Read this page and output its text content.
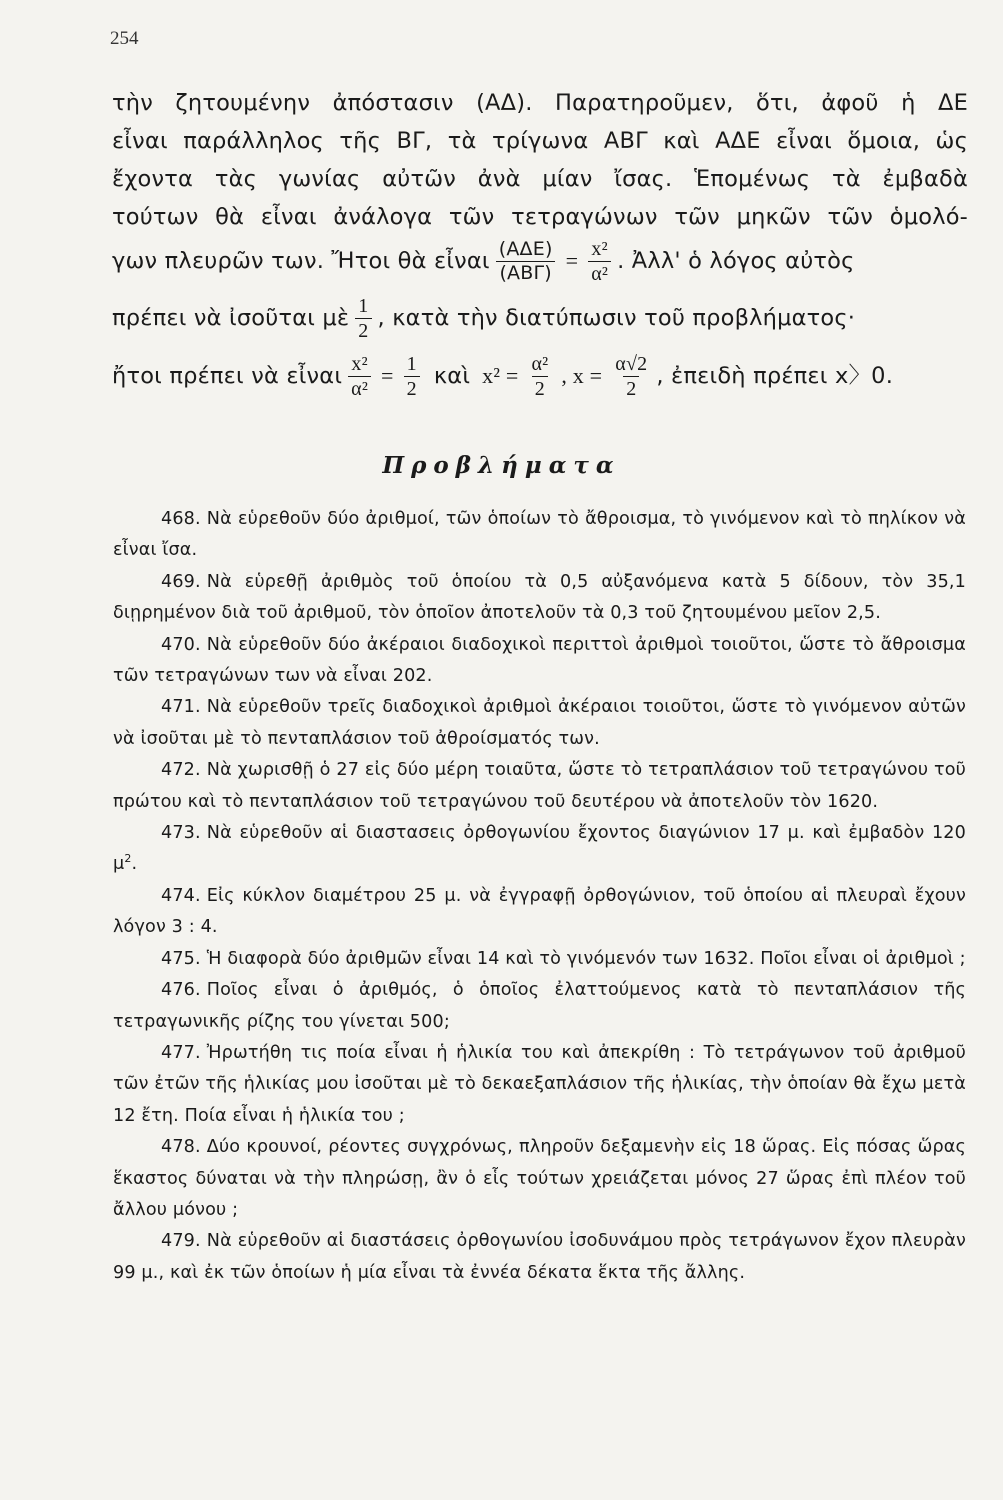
254
τὴν ζητουμένην ἀπόστασιν (ΑΔ). Παρατηροῦμεν, ὅτι, ἀφοῦ ἡ ΔΕ
εἶναι παράλληλος τῆς ΒΓ, τὰ τρίγωνα ΑΒΓ καὶ ΑΔΕ εἶναι ὅμοια, ὡς
ἔχοντα τὰς γωνίας αὐτῶν ἀνὰ μίαν ἴσας. Ἑπομένως τὰ ἐμβαδὰ
τούτων θὰ εἶναι ἀνάλογα τῶν τετραγώνων τῶν μηκῶν τῶν ὁμολό-
γων πλευρῶν των. Ἤτοι θὰ εἶναι $\frac{\text{(ΑΔΕ)}}{\text{(ΑΒΓ)}} = \frac{\text{x²}}{\text{α²}}$ . Ἀλλ' ὁ λόγος αὐτὸς
πρέπει νὰ ἰσοῦται μὲ $\frac{1}{2}$ , κατὰ τὴν διατύπωσιν τοῦ προβλήματος·
ἤτοι πρέπει νὰ εἶναι $\frac{\text{x²}}{\text{α²}} = \frac{1}{2}$ καὶ $x^2 = \frac{\text{α²}}{2}$ , $x = \frac{\alpha√2}{2}$ , ἐπειδὴ πρέπει x〉0.
Προβλήματα

468. Νὰ εὑρεθοῦν δύο ἀριθμοί, τῶν ὁποίων τὸ ἄθροισμα, τὸ γινόμενον καὶ τὸ πηλίκον νὰ εἶναι ἴσα.

469. Νὰ εὑρεθῇ ἀριθμὸς τοῦ ὁποίου τὰ 0,5 αὐξανόμενα κατὰ 5 δίδουν, τὸν 35,1 διῃρημένον διὰ τοῦ ἀριθμοῦ, τὸν ὁποῖον ἀποτελοῦν τὰ 0,3 τοῦ ζητουμένου μεῖον 2,5.

470. Νὰ εὑρεθοῦν δύο ἀκέραιοι διαδοχικοὶ περιττοὶ ἀριθμοὶ τοιοῦτοι, ὥστε τὸ ἄθροισμα τῶν τετραγώνων των νὰ εἶναι 202.

471. Νὰ εὑρεθοῦν τρεῖς διαδοχικοὶ ἀριθμοὶ ἀκέραιοι τοιοῦτοι, ὥστε τὸ γινόμενον αὐτῶν νὰ ἰσοῦται μὲ τὸ πενταπλάσιον τοῦ ἀθροίσματός των.

472. Νὰ χωρισθῇ ὁ 27 εἰς δύο μέρη τοιαῦτα, ὥστε τὸ τετραπλάσιον τοῦ τετραγώνου τοῦ πρώτου καὶ τὸ πενταπλάσιον τοῦ τετραγώνου τοῦ δευτέρου νὰ ἀποτελοῦν τὸν 1620.

473. Νὰ εὑρεθοῦν αἱ διαστασεις ὀρθογωνίου ἔχοντος διαγώνιον 17 μ. καὶ ἐμβαδὸν 120 $\mu^2$.

474. Εἰς κύκλον διαμέτρου 25 μ. νὰ ἐγγραφῇ ὀρθογώνιον, τοῦ ὁποίου αἱ πλευραὶ ἔχουν λόγον 3 : 4.

475. Ἡ διαφορὰ δύο ἀριθμῶν εἶναι 14 καὶ τὸ γινόμενόν των 1632. Ποῖοι εἶναι οἱ ἀριθμοὶ ;

476. Ποῖος εἶναι ὁ ἀριθμός, ὁ ὁποῖος ἐλαττούμενος κατὰ τὸ πενταπλάσιον τῆς τετραγωνικῆς ρίζης του γίνεται 500;

477. Ἠρωτήθη τις ποία εἶναι ἡ ἡλικία του καὶ ἀπεκρίθη : Τὸ τετράγωνον τοῦ ἀριθμοῦ τῶν ἐτῶν τῆς ἡλικίας μου ἰσοῦται μὲ τὸ δεκαεξαπλάσιον τῆς ἡλικίας, τὴν ὁποίαν θὰ ἔχω μετὰ 12 ἔτη. Ποία εἶναι ἡ ἡλικία του ;

478. Δύο κρουνοί, ρέοντες συγχρόνως, πληροῦν δεξαμενὴν εἰς 18 ὥρας. Εἰς πόσας ὥρας ἕκαστος δύναται νὰ τὴν πληρώσῃ, ἂν ὁ εἷς τούτων χρειάζεται μόνος 27 ὥρας ἐπὶ πλέον τοῦ ἄλλου μόνου ;

479. Νὰ εὑρεθοῦν αἱ διαστάσεις ὀρθογωνίου ἰσοδυνάμου πρὸς τετράγωνον ἔχον πλευρὰν 99 μ., καὶ ἐκ τῶν ὁποίων ἡ μία εἶναι τὰ ἐννέα δέκατα ἕκτα τῆς ἄλλης.
